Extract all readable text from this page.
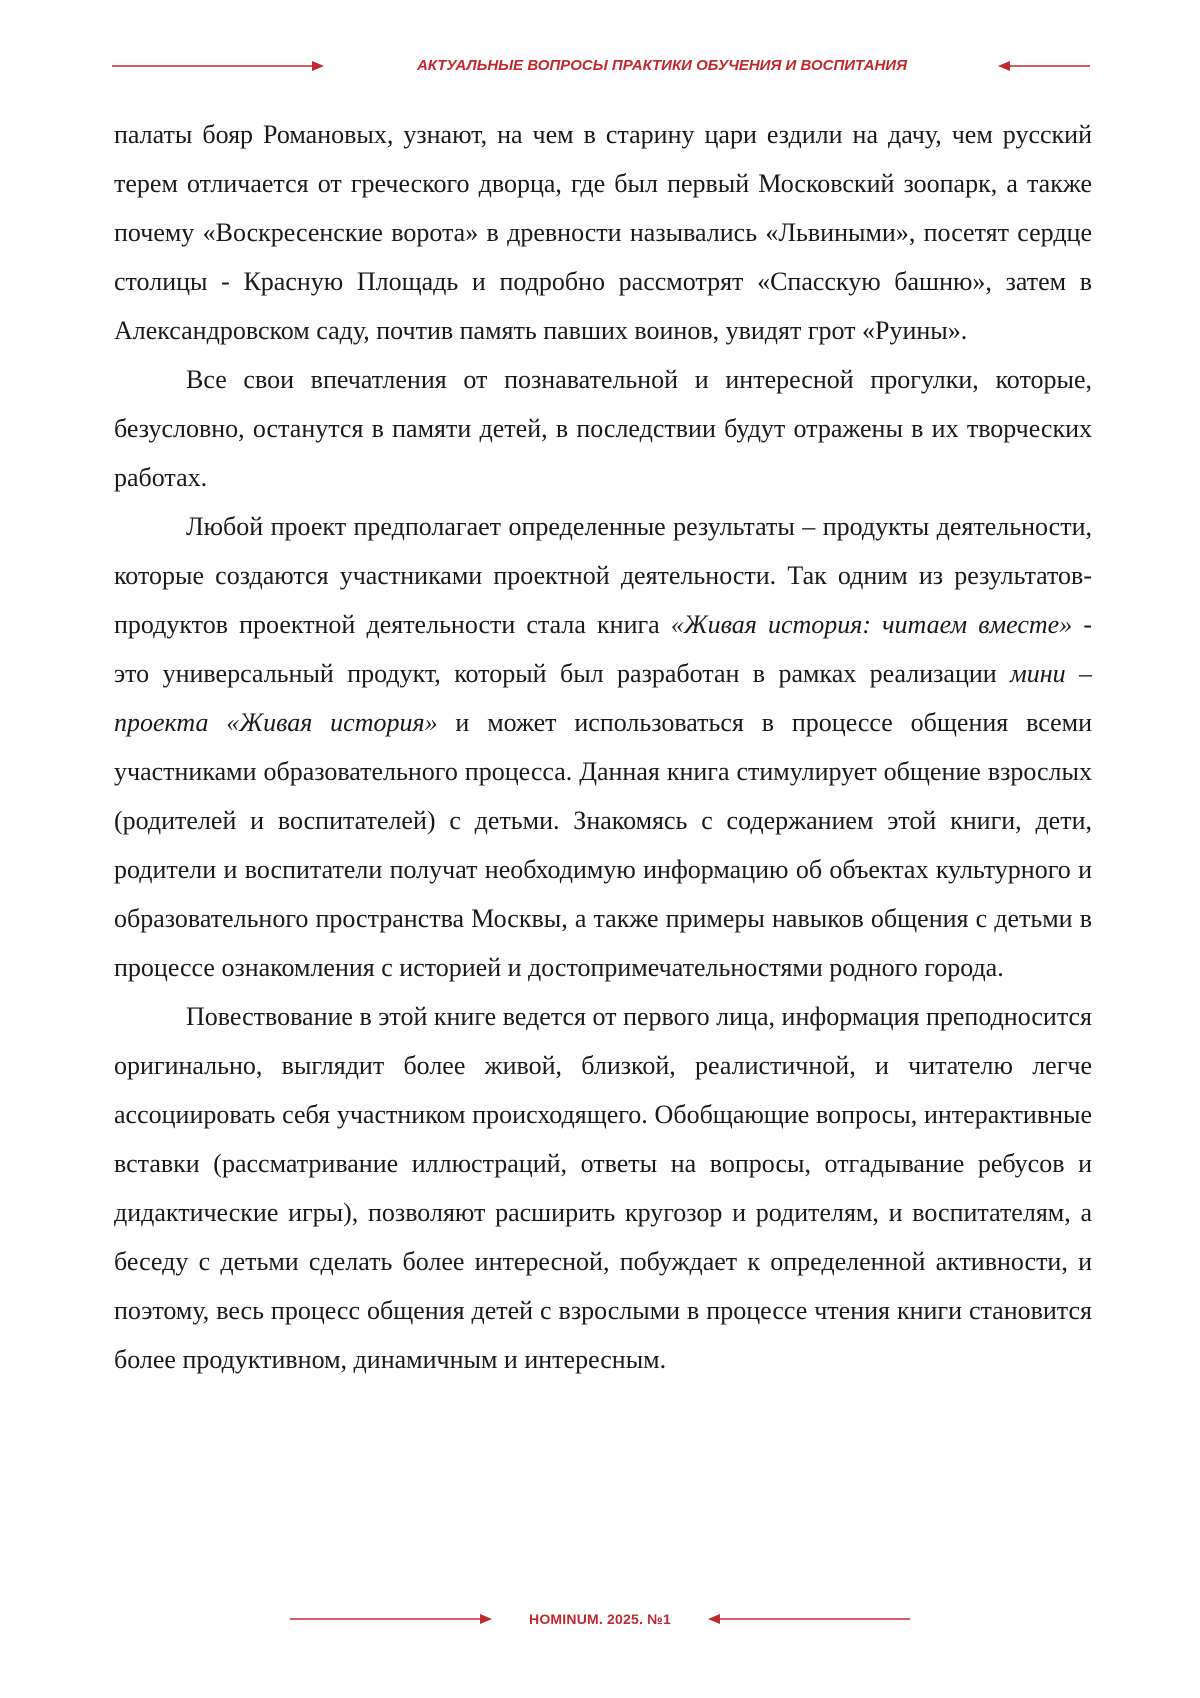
АКТУАЛЬНЫЕ ВОПРОСЫ ПРАКТИКИ ОБУЧЕНИЯ И ВОСПИТАНИЯ

палаты бояр Романовых, узнают, на чем в старину цари ездили на дачу, чем русский терем отличается от греческого дворца, где был первый Московский зоопарк, а также почему «Воскресенские ворота» в древности назывались «Львиными», посетят сердце столицы - Красную Площадь и подробно рассмотрят «Спасскую башню», затем в Александровском саду, почтив память павших воинов, увидят грот «Руины».

Все свои впечатления от познавательной и интересной прогулки, которые, безусловно, останутся в памяти детей, в последствии будут отражены в их творческих работах.

Любой проект предполагает определенные результаты – продукты деятельности, которые создаются участниками проектной деятельности. Так одним из результатов- продуктов проектной деятельности стала книга «Живая история: читаем вместе» - это универсальный продукт, который был разработан в рамках реализации мини – проекта «Живая история» и может использоваться в процессе общения всеми участниками образовательного процесса. Данная книга стимулирует общение взрослых (родителей и воспитателей) с детьми. Знакомясь с содержанием этой книги, дети, родители и воспитатели получат необходимую информацию об объектах культурного и образовательного пространства Москвы, а также примеры навыков общения с детьми в процессе ознакомления с историей и достопримечательностями родного города.

Повествование в этой книге ведется от первого лица, информация преподносится оригинально, выглядит более живой, близкой, реалистичной, и читателю легче ассоциировать себя участником происходящего. Обобщающие вопросы, интерактивные вставки (рассматривание иллюстраций, ответы на вопросы, отгадывание ребусов и дидактические игры), позволяют расширить кругозор и родителям, и воспитателям, а беседу с детьми сделать более интересной, побуждает к определенной активности, и поэтому, весь процесс общения детей с взрослыми в процессе чтения книги становится более продуктивном, динамичным и интересным.

HOMINUM. 2025. №1
